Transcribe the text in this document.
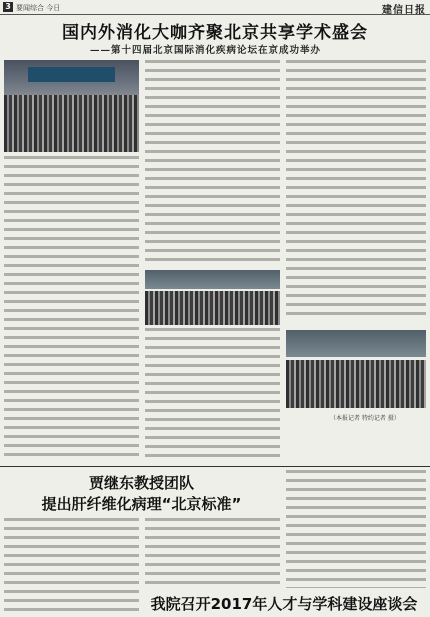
3 要闻综合 今日	建信日报
国内外消化大咖齐聚北京共享学术盛会
——第十四届北京国际消化疾病论坛在京成功举办
（本报记者 特约记者 摄）
贾继东教授团队
提出肝纤维化病理“北京标准”
我院召开2017年人才与学科建设座谈会
